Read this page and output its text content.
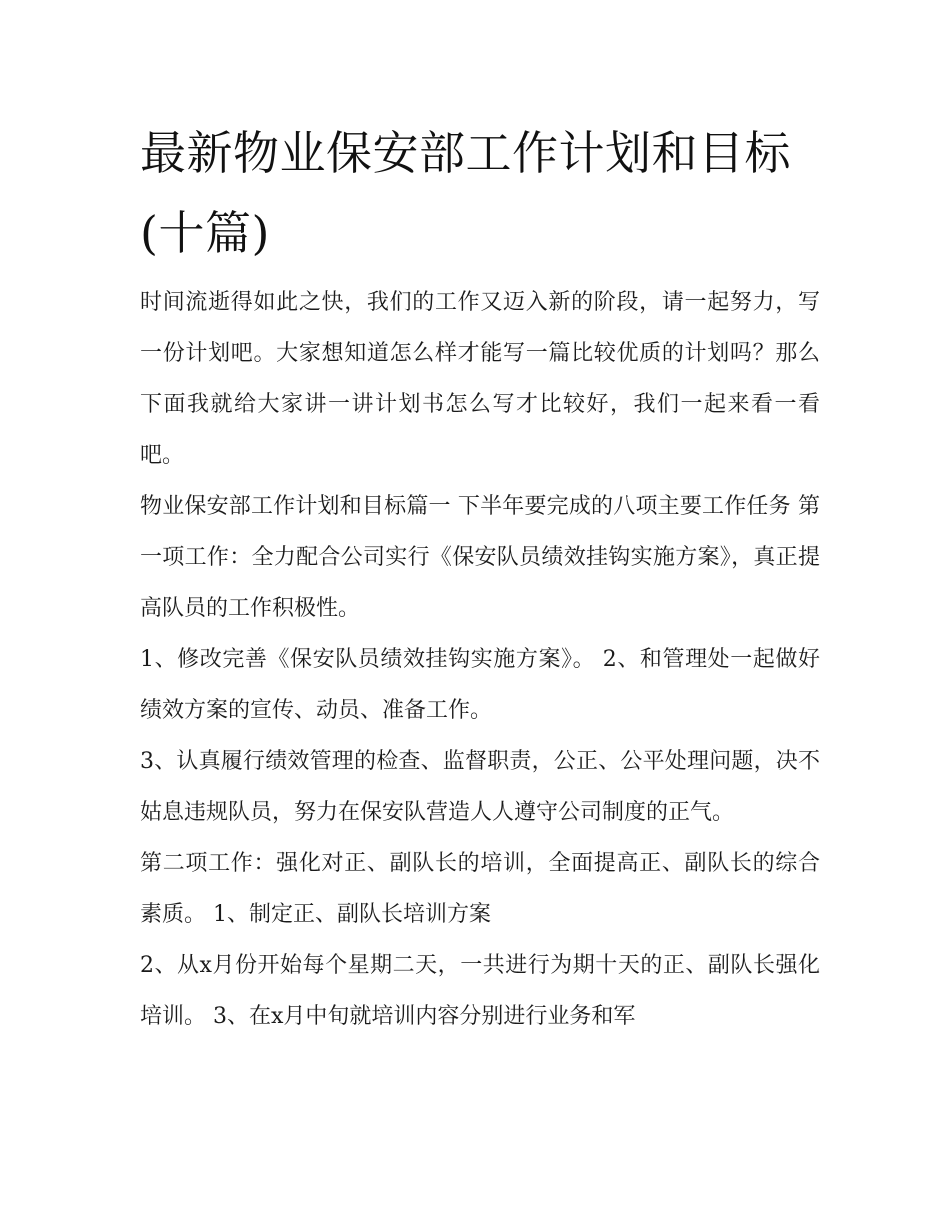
最新物业保安部工作计划和目标(十篇)

时间流逝得如此之快，我们的工作又迈入新的阶段，请一起努力，写一份计划吧。大家想知道怎么样才能写一篇比较优质的计划吗？那么下面我就给大家讲一讲计划书怎么写才比较好，我们一起来看一看吧。

物业保安部工作计划和目标篇一 下半年要完成的八项主要工作任务 第一项工作：全力配合公司实行《保安队员绩效挂钩实施方案》，真正提高队员的工作积极性。

1、修改完善《保安队员绩效挂钩实施方案》。 2、和管理处一起做好绩效方案的宣传、动员、准备工作。

3、认真履行绩效管理的检查、监督职责，公正、公平处理问题，决不姑息违规队员，努力在保安队营造人人遵守公司制度的正气。

第二项工作：强化对正、副队长的培训，全面提高正、副队长的综合素质。 1、制定正、副队长培训方案

2、从x月份开始每个星期二天，一共进行为期十天的正、副队长强化培训。 3、在x月中旬就培训内容分别进行业务和军
